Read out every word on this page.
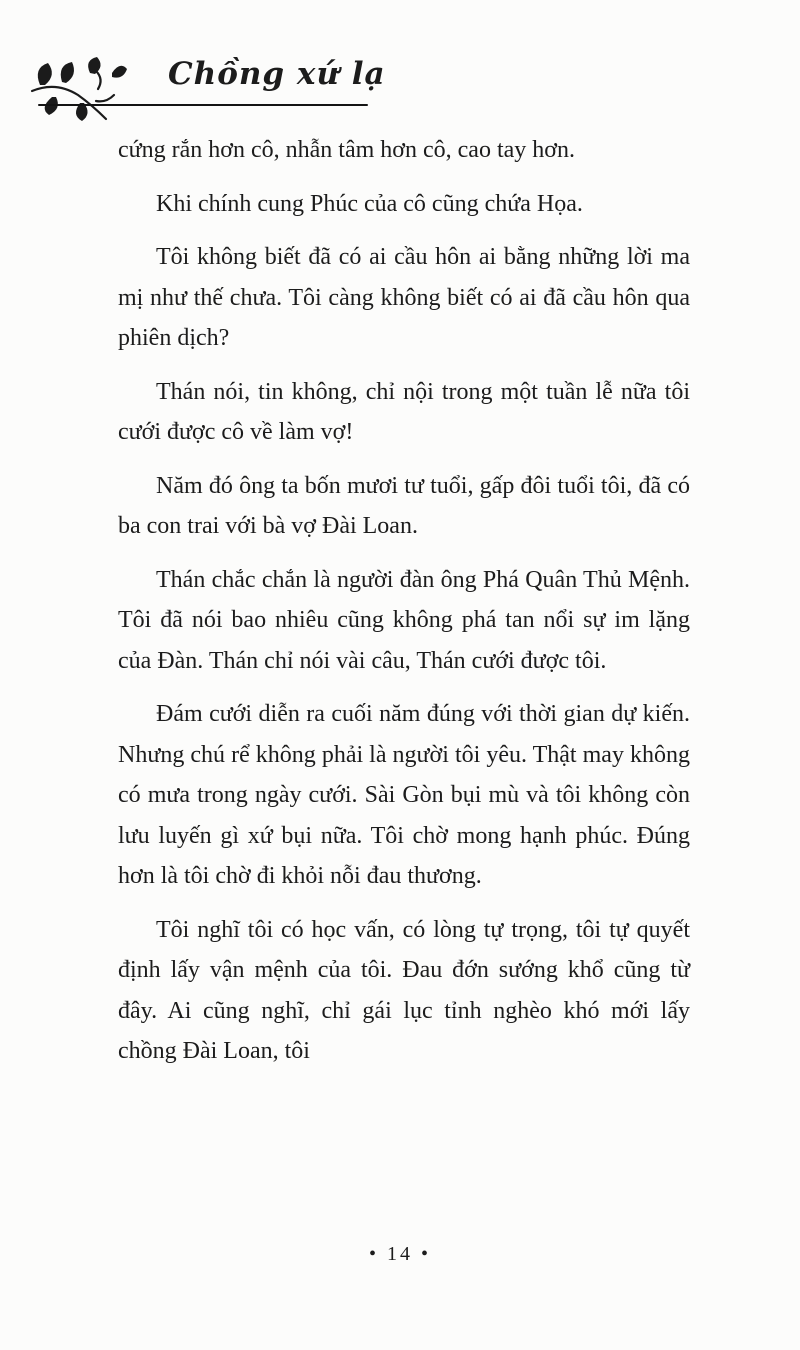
Chồng xứ lạ

cứng rắn hơn cô, nhẫn tâm hơn cô, cao tay hơn.

Khi chính cung Phúc của cô cũng chứa Họa.

Tôi không biết đã có ai cầu hôn ai bằng những lời ma mị như thế chưa. Tôi càng không biết có ai đã cầu hôn qua phiên dịch?

Thán nói, tin không, chỉ nội trong một tuần lễ nữa tôi cưới được cô về làm vợ!

Năm đó ông ta bốn mươi tư tuổi, gấp đôi tuổi tôi, đã có ba con trai với bà vợ Đài Loan.

Thán chắc chắn là người đàn ông Phá Quân Thủ Mệnh. Tôi đã nói bao nhiêu cũng không phá tan nổi sự im lặng của Đàn. Thán chỉ nói vài câu, Thán cưới được tôi.

Đám cưới diễn ra cuối năm đúng với thời gian dự kiến. Nhưng chú rể không phải là người tôi yêu. Thật may không có mưa trong ngày cưới. Sài Gòn bụi mù và tôi không còn lưu luyến gì xứ bụi nữa. Tôi chờ mong hạnh phúc. Đúng hơn là tôi chờ đi khỏi nỗi đau thương.

Tôi nghĩ tôi có học vấn, có lòng tự trọng, tôi tự quyết định lấy vận mệnh của tôi. Đau đớn sướng khổ cũng từ đây. Ai cũng nghĩ, chỉ gái lục tỉnh nghèo khó mới lấy chồng Đài Loan, tôi

• 14 •
